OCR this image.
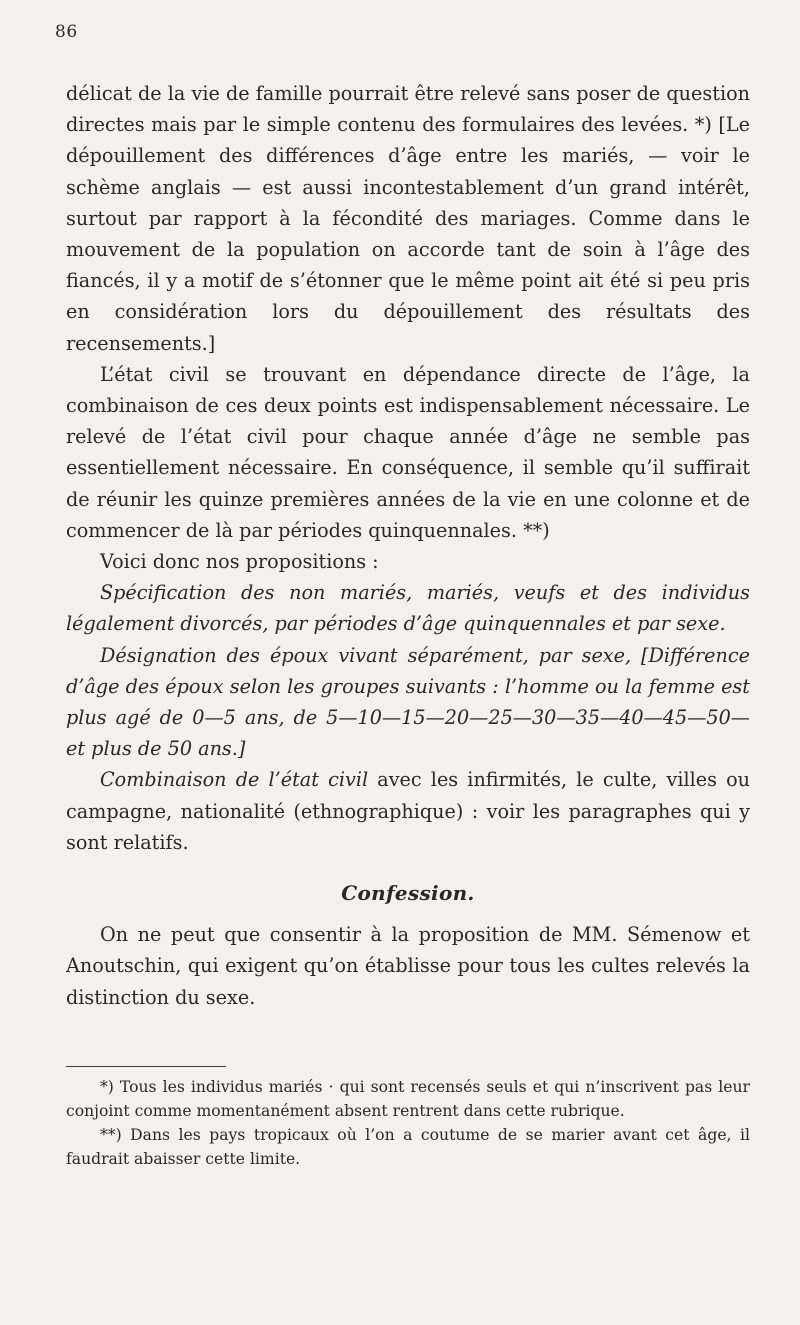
86

délicat de la vie de famille pourrait être relevé sans poser de question directes mais par le simple contenu des formulaires des levées. *) [Le dépouillement des différences d’âge entre les mariés, — voir le schème anglais — est aussi incontestablement d’un grand intérêt, surtout par rapport à la fécondité des mariages. Comme dans le mouvement de la population on accorde tant de soin à l’âge des fiancés, il y a motif de s’étonner que le même point ait été si peu pris en considération lors du dépouillement des résultats des recensements.]

L’état civil se trouvant en dépendance directe de l’âge, la combinaison de ces deux points est indispensablement nécessaire. Le relevé de l’état civil pour chaque année d’âge ne semble pas essentiellement nécessaire. En conséquence, il semble qu’il suffirait de réunir les quinze premières années de la vie en une colonne et de commencer de là par périodes quinquennales. **)

Voici donc nos propositions :

Spécification des non mariés, mariés, veufs et des individus légalement divorcés, par périodes d’âge quinquennales et par sexe.

Désignation des époux vivant séparément, par sexe, [Différence d’âge des époux selon les groupes suivants : l’homme ou la femme est plus agé de 0—5 ans, de 5—10—15—20—25—30—35—40—45—50— et plus de 50 ans.]

Combinaison de l’état civil avec les infirmités, le culte, villes ou campagne, nationalité (ethnographique) : voir les paragraphes qui y sont relatifs.

Confession.

On ne peut que consentir à la proposition de MM. Sémenow et Anoutschin, qui exigent qu’on établisse pour tous les cultes relevés la distinction du sexe.

*) Tous les individus mariés · qui sont recensés seuls et qui n’inscrivent pas leur conjoint comme momentanément absent rentrent dans cette rubrique.

**) Dans les pays tropicaux où l’on a coutume de se marier avant cet âge, il faudrait abaisser cette limite.
